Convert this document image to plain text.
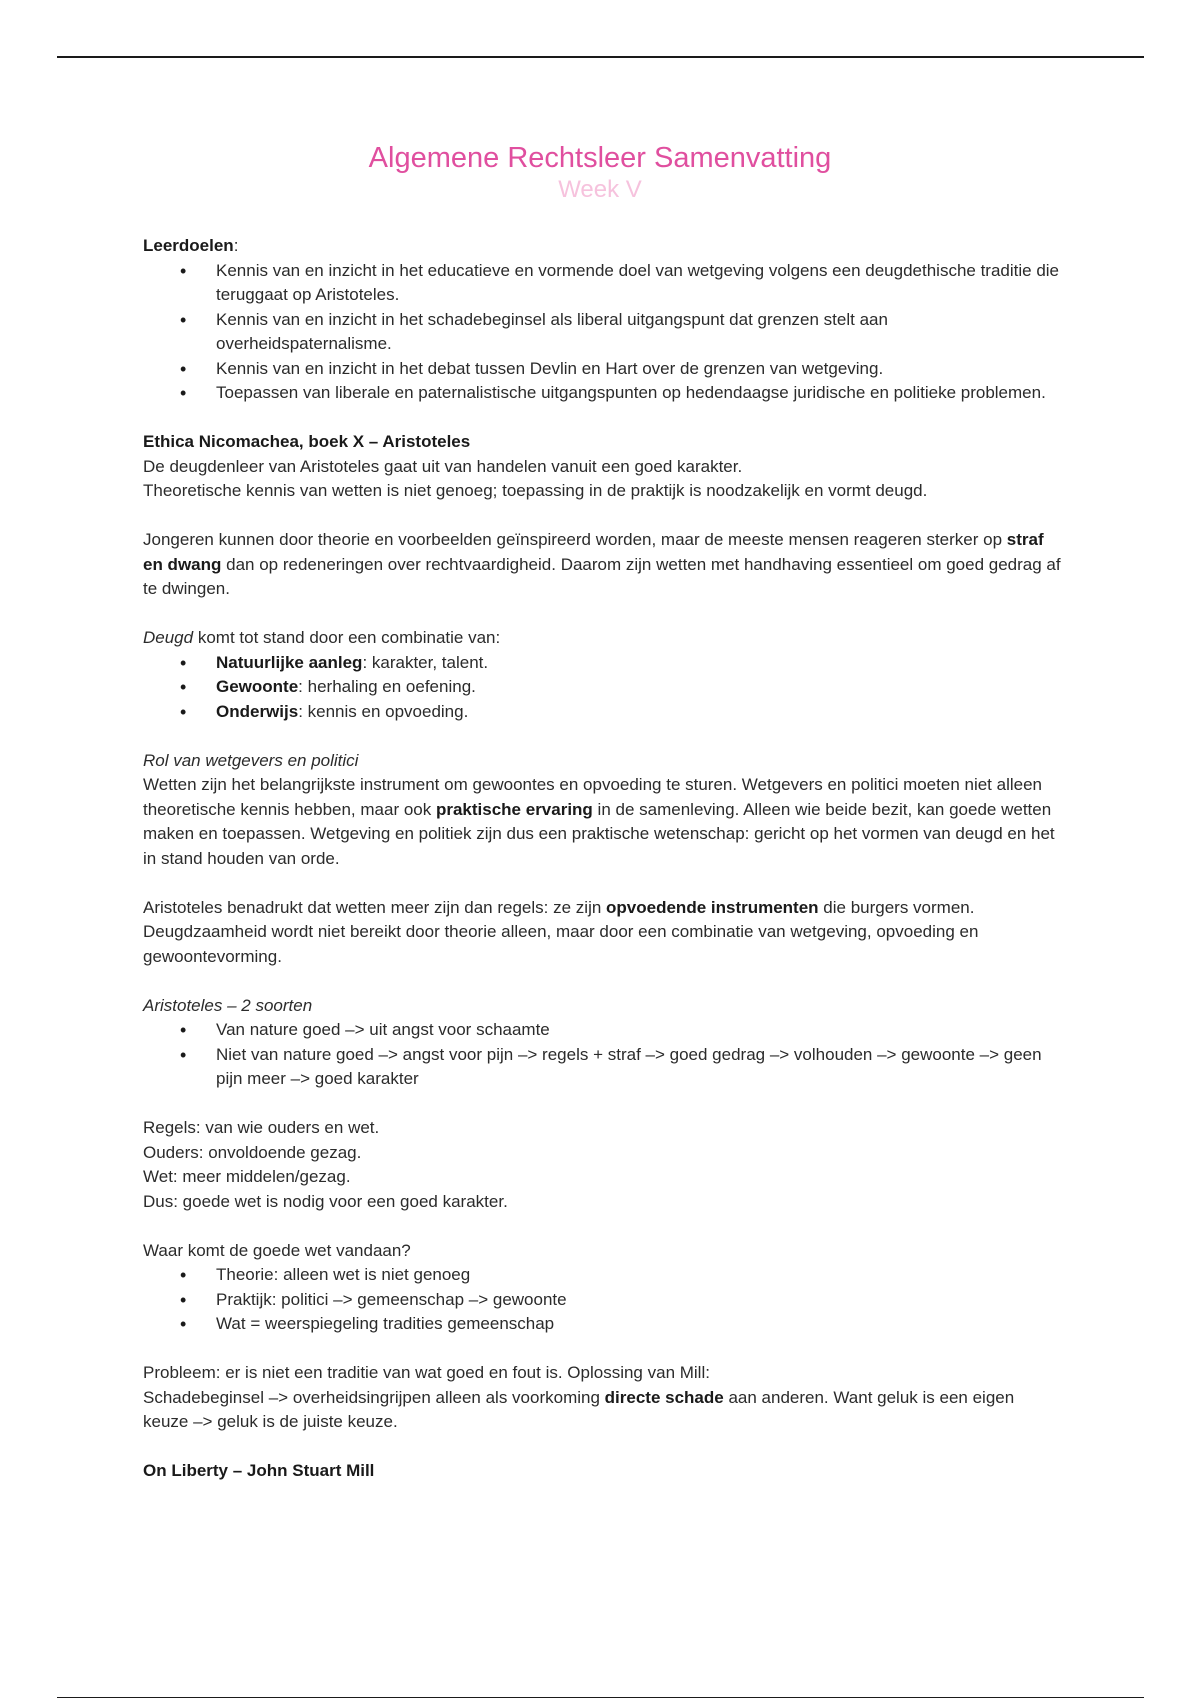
Algemene Rechtsleer Samenvatting
Week V

Leerdoelen:

• Kennis van en inzicht in het educatieve en vormende doel van wetgeving volgens een deugdethische traditie die teruggaat op Aristoteles.
• Kennis van en inzicht in het schadebeginsel als liberal uitgangspunt dat grenzen stelt aan overheidspaternalisme.
• Kennis van en inzicht in het debat tussen Devlin en Hart over de grenzen van wetgeving.
• Toepassen van liberale en paternalistische uitgangspunten op hedendaagse juridische en politieke problemen.

Ethica Nicomachea, boek X – Aristoteles

De deugdenleer van Aristoteles gaat uit van handelen vanuit een goed karakter.

Theoretische kennis van wetten is niet genoeg; toepassing in de praktijk is noodzakelijk en vormt deugd.

Jongeren kunnen door theorie en voorbeelden geïnspireerd worden, maar de meeste mensen reageren sterker op straf en dwang dan op redeneringen over rechtvaardigheid. Daarom zijn wetten met handhaving essentieel om goed gedrag af te dwingen.

Deugd komt tot stand door een combinatie van:

• Natuurlijke aanleg: karakter, talent.
• Gewoonte: herhaling en oefening.
• Onderwijs: kennis en opvoeding.

Rol van wetgevers en politici

Wetten zijn het belangrijkste instrument om gewoontes en opvoeding te sturen. Wetgevers en politici moeten niet alleen theoretische kennis hebben, maar ook praktische ervaring in de samenleving. Alleen wie beide bezit, kan goede wetten maken en toepassen. Wetgeving en politiek zijn dus een praktische wetenschap: gericht op het vormen van deugd en het in stand houden van orde.

Aristoteles benadrukt dat wetten meer zijn dan regels: ze zijn opvoedende instrumenten die burgers vormen. Deugdzaamheid wordt niet bereikt door theorie alleen, maar door een combinatie van wetgeving, opvoeding en gewoontevorming.

Aristoteles – 2 soorten

• Van nature goed –> uit angst voor schaamte
• Niet van nature goed –> angst voor pijn –> regels + straf –> goed gedrag –> volhouden –> gewoonte –> geen pijn meer –> goed karakter

Regels: van wie ouders en wet.

Ouders: onvoldoende gezag.

Wet: meer middelen/gezag.

Dus: goede wet is nodig voor een goed karakter.

Waar komt de goede wet vandaan?

• Theorie: alleen wet is niet genoeg
• Praktijk: politici –> gemeenschap –> gewoonte
• Wat = weerspiegeling tradities gemeenschap

Probleem: er is niet een traditie van wat goed en fout is. Oplossing van Mill:

Schadebeginsel –> overheidsingrijpen alleen als voorkoming directe schade aan anderen. Want geluk is een eigen keuze –> geluk is de juiste keuze.

On Liberty – John Stuart Mill
